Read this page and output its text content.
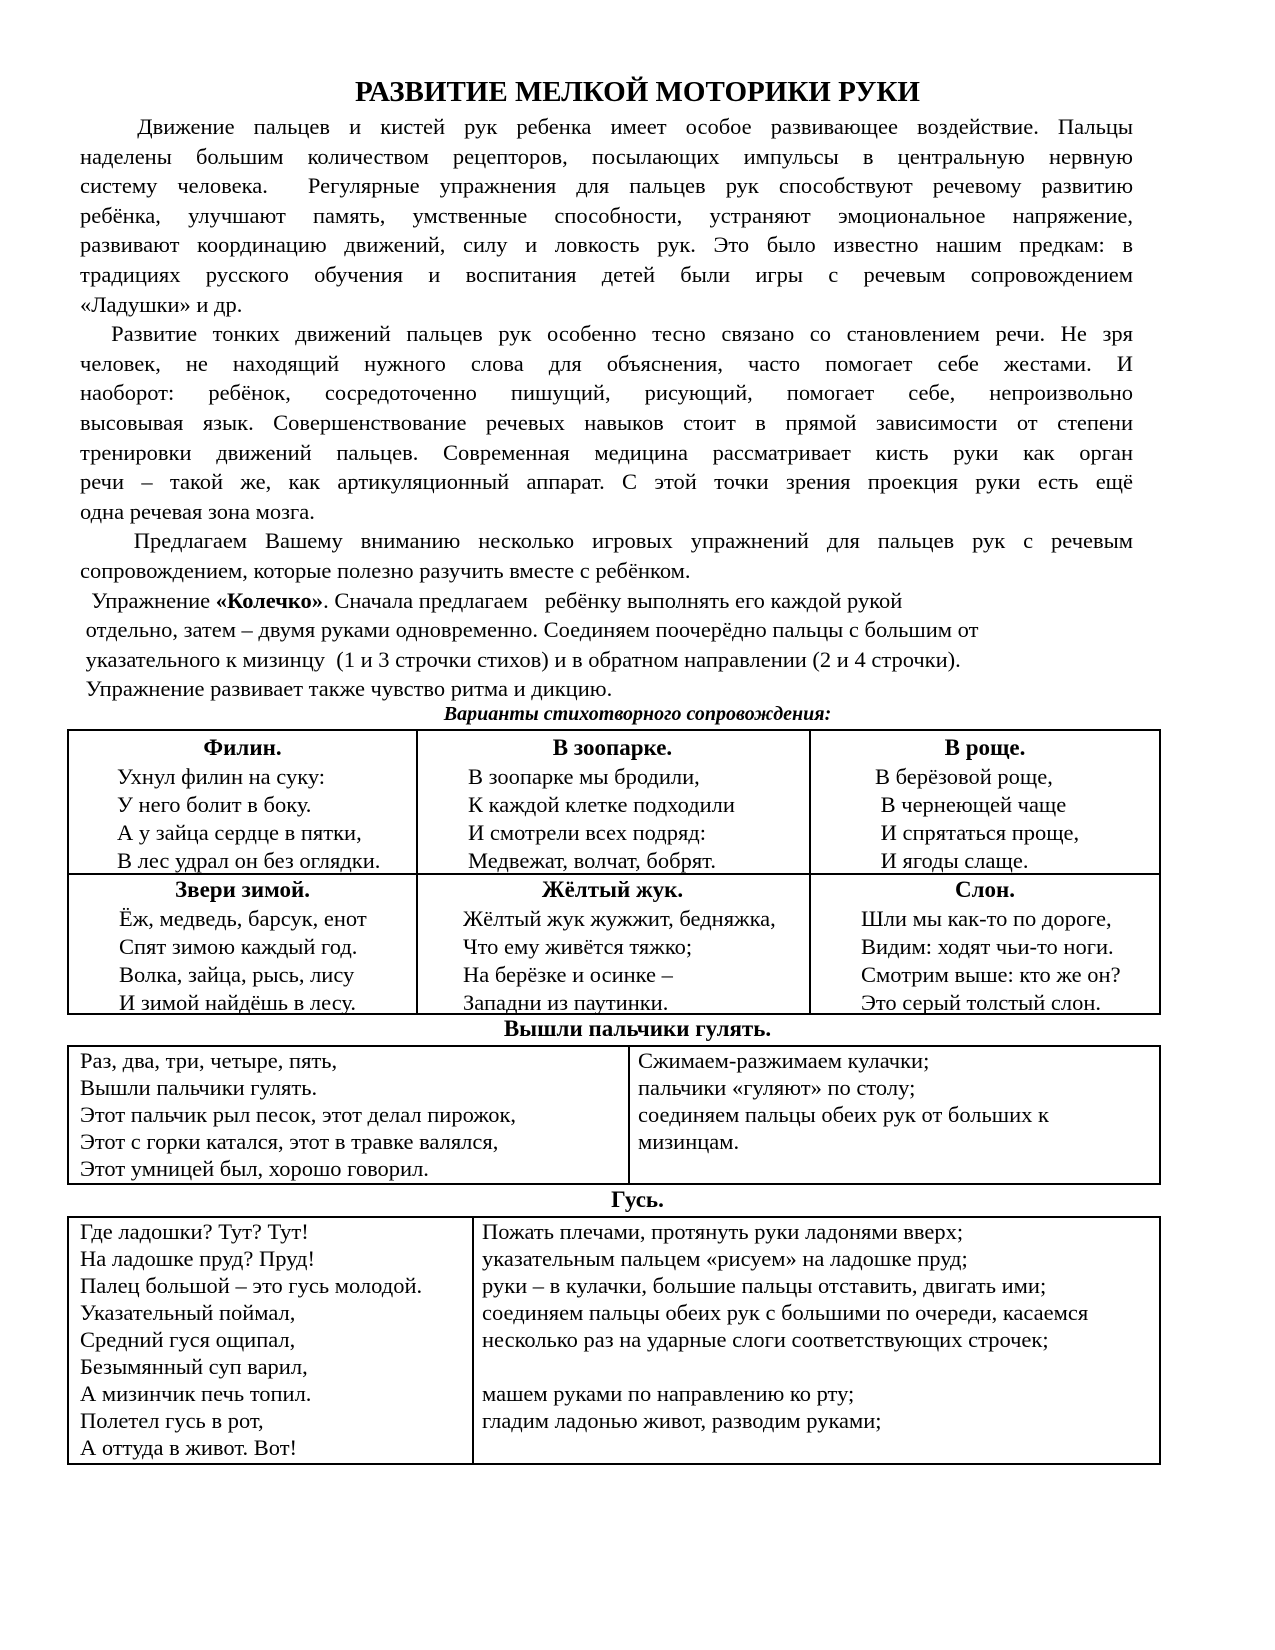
РАЗВИТИЕ МЕЛКОЙ МОТОРИКИ РУКИ
Движение пальцев и кистей рук ребенка имеет особое развивающее воздействие. Пальцы
наделены большим количеством рецепторов, посылающих импульсы в центральную нервную
систему человека.  Регулярные упражнения для пальцев рук способствуют речевому развитию
ребёнка, улучшают память, умственные способности, устраняют эмоциональное напряжение,
развивают координацию движений, силу и ловкость рук. Это было известно нашим предкам: в
традициях русского обучения и воспитания детей были игры с речевым сопровождением
«Ладушки» и др.
Развитие тонких движений пальцев рук особенно тесно связано со становлением речи. Не зря
человек, не находящий нужного слова для объяснения, часто помогает себе жестами. И
наоборот: ребёнок, сосредоточенно пишущий, рисующий, помогает себе, непроизвольно
высовывая язык. Совершенствование речевых навыков стоит в прямой зависимости от степени
тренировки движений пальцев. Современная медицина рассматривает кисть руки как орган
речи – такой же, как артикуляционный аппарат. С этой точки зрения проекция руки есть ещё
одна речевая зона мозга.
Предлагаем Вашему вниманию несколько игровых упражнений для пальцев рук с речевым
сопровождением, которые полезно разучить вместе с ребёнком.
Упражнение «Колечко». Сначала предлагаем   ребёнку выполнять его каждой рукой
отдельно, затем – двумя руками одновременно. Соединяем поочерёдно пальцы с большим от
указательного к мизинцу  (1 и 3 строчки стихов) и в обратном направлении (2 и 4 строчки).
Упражнение развивает также чувство ритма и дикцию.
Варианты стихотворного сопровождения:
Филин.
Ухнул филин на суку:
У него болит в боку.
А у зайца сердце в пятки,
В лес удрал он без оглядки.
В зоопарке.
В зоопарке мы бродили,
К каждой клетке подходили
И смотрели всех подряд:
Медвежат, волчат, бобрят.
В роще.
В берёзовой роще,
В чернеющей чаще
И спрятаться проще,
И ягоды слаще.
Звери зимой.
Ёж, медведь, барсук, енот
Спят зимою каждый год.
Волка, зайца, рысь, лису
И зимой найдёшь в лесу.
Жёлтый жук.
Жёлтый жук жужжит, бедняжка,
Что ему живётся тяжко;
На берёзке и осинке –
Западни из паутинки.
Слон.
Шли мы как-то по дороге,
Видим: ходят чьи-то ноги.
Смотрим выше: кто же он?
Это серый толстый слон.
Вышли пальчики гулять.
Раз, два, три, четыре, пять,
Вышли пальчики гулять.
Этот пальчик рыл песок, этот делал пирожок,
Этот с горки катался, этот в травке валялся,
Этот умницей был, хорошо говорил.
Сжимаем-разжимаем кулачки;
пальчики «гуляют» по столу;
соединяем пальцы обеих рук от больших к
мизинцам.
Гусь.
Где ладошки? Тут? Тут!
На ладошке пруд? Пруд!
Палец большой – это гусь молодой.
Указательный поймал,
Средний гуся ощипал,
Безымянный суп варил,
А мизинчик печь топил.
Полетел гусь в рот,
А оттуда в живот. Вот!
Пожать плечами, протянуть руки ладонями вверх;
указательным пальцем «рисуем» на ладошке пруд;
руки – в кулачки, большие пальцы отставить, двигать ими;
соединяем пальцы обеих рук с большими по очереди, касаемся
несколько раз на ударные слоги соответствующих строчек;
машем руками по направлению ко рту;
гладим ладонью живот, разводим руками;
